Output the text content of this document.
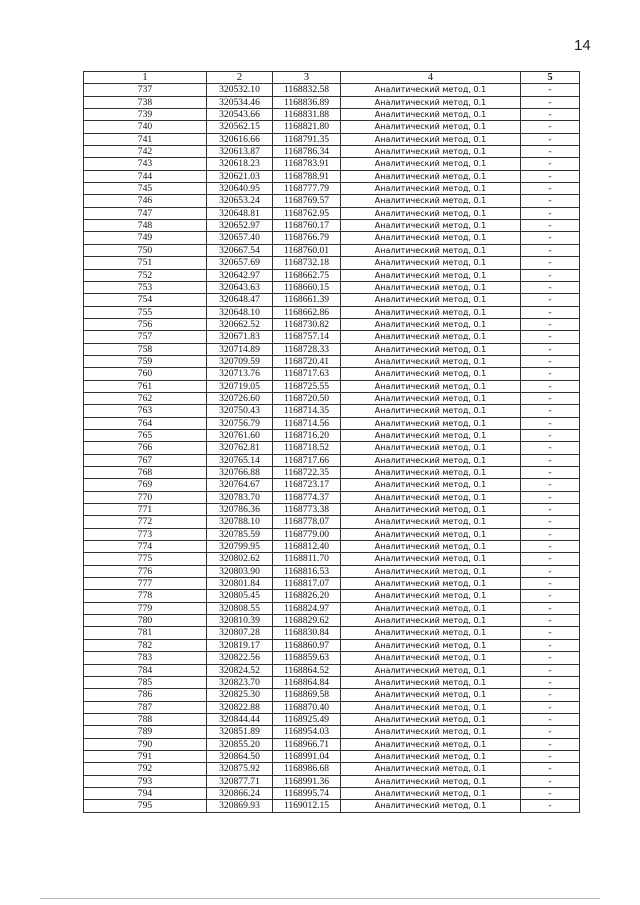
14
1	2	3	4	5
737	320532.10	1168832.58	Аналитический метод, 0.1	-
738	320534.46	1168836.89	Аналитический метод, 0.1	-
739	320543.66	1168831.88	Аналитический метод, 0.1	-
740	320562.15	1168821.80	Аналитический метод, 0.1	-
741	320616.66	1168791.35	Аналитический метод, 0.1	-
742	320613.87	1168786.34	Аналитический метод, 0.1	-
743	320618.23	1168783.91	Аналитический метод, 0.1	-
744	320621.03	1168788.91	Аналитический метод, 0.1	-
745	320640.95	1168777.79	Аналитический метод, 0.1	-
746	320653.24	1168769.57	Аналитический метод, 0.1	-
747	320648.81	1168762.95	Аналитический метод, 0.1	-
748	320652.97	1168760.17	Аналитический метод, 0.1	-
749	320657.40	1168766.79	Аналитический метод, 0.1	-
750	320667.54	1168760.01	Аналитический метод, 0.1	-
751	320657.69	1168732.18	Аналитический метод, 0.1	-
752	320642.97	1168662.75	Аналитический метод, 0.1	-
753	320643.63	1168660.15	Аналитический метод, 0.1	-
754	320648.47	1168661.39	Аналитический метод, 0.1	-
755	320648.10	1168662.86	Аналитический метод, 0.1	-
756	320662.52	1168730.82	Аналитический метод, 0.1	-
757	320671.83	1168757.14	Аналитический метод, 0.1	-
758	320714.89	1168728.33	Аналитический метод, 0.1	-
759	320709.59	1168720.41	Аналитический метод, 0.1	-
760	320713.76	1168717.63	Аналитический метод, 0.1	-
761	320719.05	1168725.55	Аналитический метод, 0.1	-
762	320726.60	1168720.50	Аналитический метод, 0.1	-
763	320750.43	1168714.35	Аналитический метод, 0.1	-
764	320756.79	1168714.56	Аналитический метод, 0.1	-
765	320761.60	1168716.20	Аналитический метод, 0.1	-
766	320762.81	1168718.52	Аналитический метод, 0.1	-
767	320765.14	1168717.66	Аналитический метод, 0.1	-
768	320766.88	1168722.35	Аналитический метод, 0.1	-
769	320764.67	1168723.17	Аналитический метод, 0.1	-
770	320783.70	1168774.37	Аналитический метод, 0.1	-
771	320786.36	1168773.38	Аналитический метод, 0.1	-
772	320788.10	1168778.07	Аналитический метод, 0.1	-
773	320785.59	1168779.00	Аналитический метод, 0.1	-
774	320799.95	1168812.40	Аналитический метод, 0.1	-
775	320802.62	1168811.70	Аналитический метод, 0.1	-
776	320803.90	1168816.53	Аналитический метод, 0.1	-
777	320801.84	1168817.07	Аналитический метод, 0.1	-
778	320805.45	1168826.20	Аналитический метод, 0.1	-
779	320808.55	1168824.97	Аналитический метод, 0.1	-
780	320810.39	1168829.62	Аналитический метод, 0.1	-
781	320807.28	1168830.84	Аналитический метод, 0.1	-
782	320819.17	1168860.97	Аналитический метод, 0.1	-
783	320822.56	1168859.63	Аналитический метод, 0.1	-
784	320824.52	1168864.52	Аналитический метод, 0.1	-
785	320823.70	1168864.84	Аналитический метод, 0.1	-
786	320825.30	1168869.58	Аналитический метод, 0.1	-
787	320822.88	1168870.40	Аналитический метод, 0.1	-
788	320844.44	1168925.49	Аналитический метод, 0.1	-
789	320851.89	1168954.03	Аналитический метод, 0.1	-
790	320855.20	1168966.71	Аналитический метод, 0.1	-
791	320864.50	1168991.04	Аналитический метод, 0.1	-
792	320875.92	1168986.68	Аналитический метод, 0.1	-
793	320877.71	1168991.36	Аналитический метод, 0.1	-
794	320866.24	1168995.74	Аналитический метод, 0.1	-
795	320869.93	1169012.15	Аналитический метод, 0.1	-
